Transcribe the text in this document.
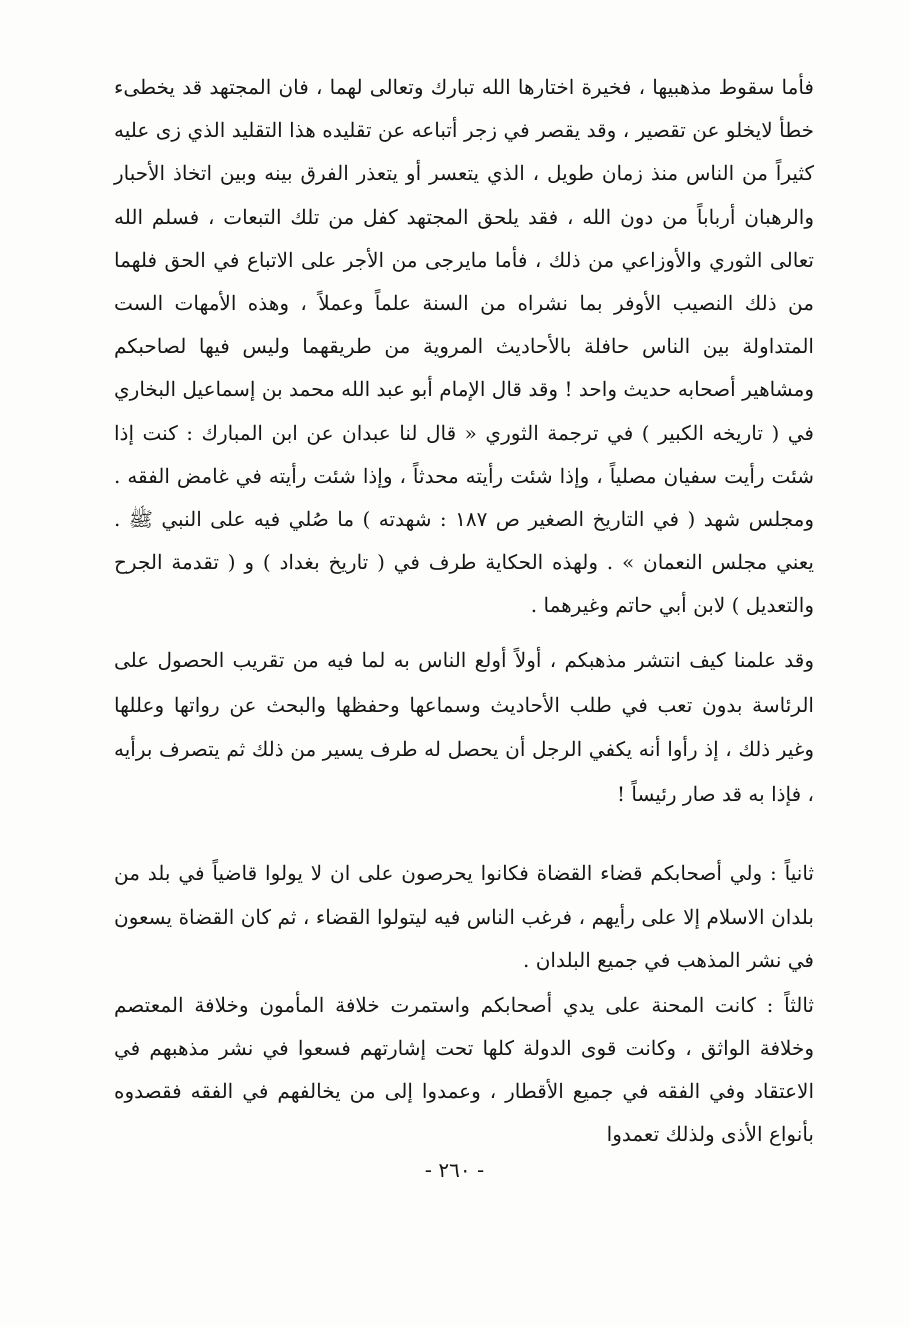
فأما سقوط مذهبيها ، فخيرة اختارها الله تبارك وتعالى لهما ، فان المجتهد قد يخطىء خطأ لايخلو عن تقصير ، وقد يقصر في زجر أتباعه عن تقليده هذا التقليد الذي زى عليه كثيراً من الناس منذ زمان طويل ، الذي يتعسر أو يتعذر الفرق بينه وبين اتخاذ الأحبار والرهبان أرباباً من دون الله ، فقد يلحق المجتهد كفل من تلك التبعات ، فسلم الله تعالى الثوري والأوزاعي من ذلك ، فأما مايرجى من الأجر على الاتباع في الحق فلهما من ذلك النصيب الأوفر بما نشراه من السنة علماً وعملاً ، وهذه الأمهات الست المتداولة بين الناس حافلة بالأحاديث المروية من طريقهما وليس فيها لصاحبكم ومشاهير أصحابه حديث واحد ! وقد قال الإمام أبو عبد الله محمد بن إسماعيل البخاري في ( تاريخه الكبير ) في ترجمة الثوري « قال لنا عبدان عن ابن المبارك : كنت إذا شئت رأيت سفيان مصلياً ، وإذا شئت رأيته محدثاً ، وإذا شئت رأيته في غامض الفقه . ومجلس شهد ( في التاريخ الصغير ص ١٨٧ : شهدته ) ما صُلي فيه على النبي ﷺ . يعني مجلس النعمان » . ولهذه الحكاية طرف في ( تاريخ بغداد ) و ( تقدمة الجرح والتعديل ) لابن أبي حاتم وغيرهما .

وقد علمنا كيف انتشر مذهبكم ، أولاً أولع الناس به لما فيه من تقريب الحصول على الرئاسة بدون تعب في طلب الأحاديث وسماعها وحفظها والبحث عن رواتها وعللها وغير ذلك ، إذ رأوا أنه يكفي الرجل أن يحصل له طرف يسير من ذلك ثم يتصرف برأيه ، فإذا به قد صار رئيساً !

ثانياً : ولي أصحابكم قضاء القضاة فكانوا يحرصون على ان لا يولوا قاضياً في بلد من بلدان الاسلام إلا على رأيهم ، فرغب الناس فيه ليتولوا القضاء ، ثم كان القضاة يسعون في نشر المذهب في جميع البلدان .

ثالثاً : كانت المحنة على يدي أصحابكم واستمرت خلافة المأمون وخلافة المعتصم وخلافة الواثق ، وكانت قوى الدولة كلها تحت إشارتهم فسعوا في نشر مذهبهم في الاعتقاد وفي الفقه في جميع الأقطار ، وعمدوا إلى من يخالفهم في الفقه فقصدوه بأنواع الأذى ولذلك تعمدوا

- ٢٦٠ -
